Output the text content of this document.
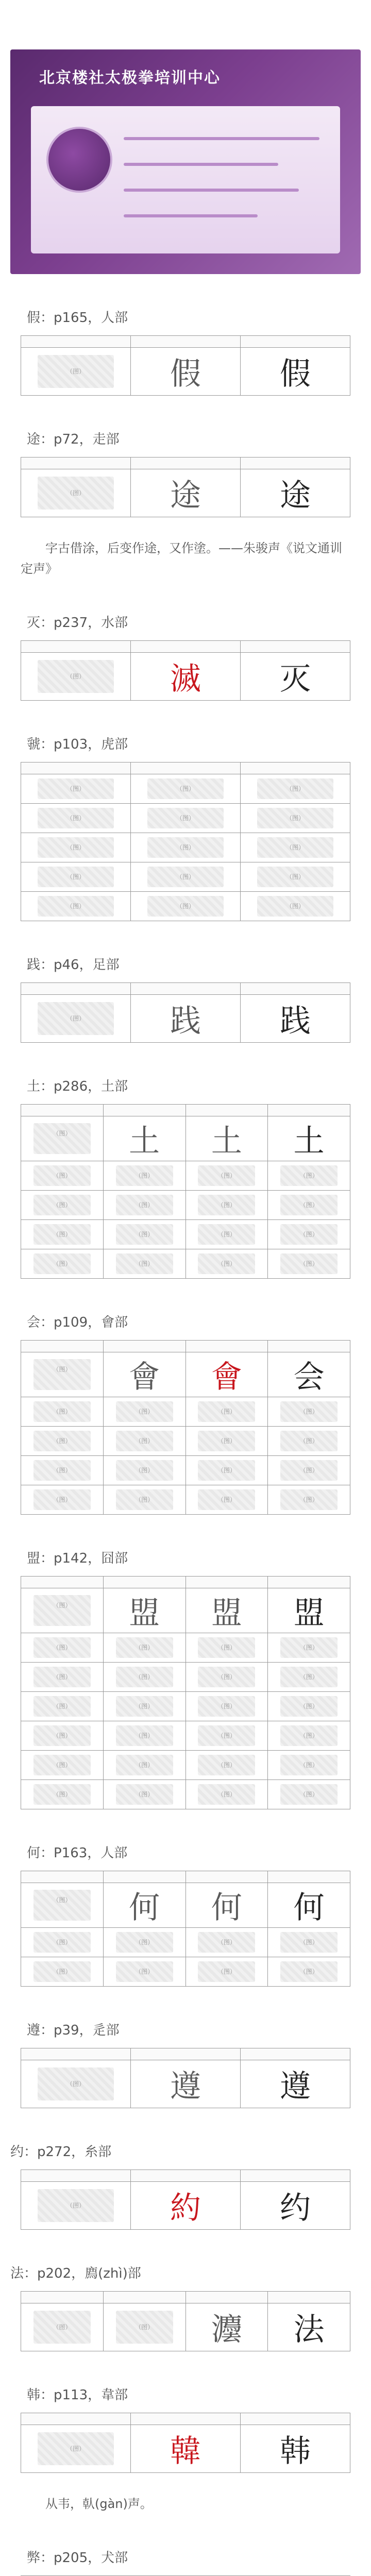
北京楼社太极拳培训中心
假：p165，人部

（图）	假	假
途：p72，走部

（图）	途	途
字古借涂，后变作途，又作塗。——朱骏声《说文通训定声》
灭：p237，水部

（图）	滅	灭
虢：p103，虎部

（图）	（图）	（图）
（图）	（图）	（图）
（图）	（图）	（图）
（图）	（图）	（图）
（图）	（图）	（图）
践：p46，足部

（图）	践	践
土：p286，土部

（图）	土	土	土
（图）	（图）	（图）	（图）
（图）	（图）	（图）	（图）
（图）	（图）	（图）	（图）
（图）	（图）	（图）	（图）
会：p109，會部

（图）	會	會	会
（图）	（图）	（图）	（图）
（图）	（图）	（图）	（图）
（图）	（图）	（图）	（图）
（图）	（图）	（图）	（图）
盟：p142，囧部

（图）	盟	盟	盟
（图）	（图）	（图）	（图）
（图）	（图）	（图）	（图）
（图）	（图）	（图）	（图）
（图）	（图）	（图）	（图）
（图）	（图）	（图）	（图）
（图）	（图）	（图）	（图）
何：P163，人部

（图）	何	何	何
（图）	（图）	（图）	（图）
（图）	（图）	（图）	（图）
遵：p39，辵部

（图）	遵	遵
约：p272，糸部

（图）	約	约
法：p202，廌(zhì)部

（图）	（图）	灋	法
韩：p113，韋部

（图）	韓	韩
从韦，倝(gàn)声。
弊：p205，犬部
